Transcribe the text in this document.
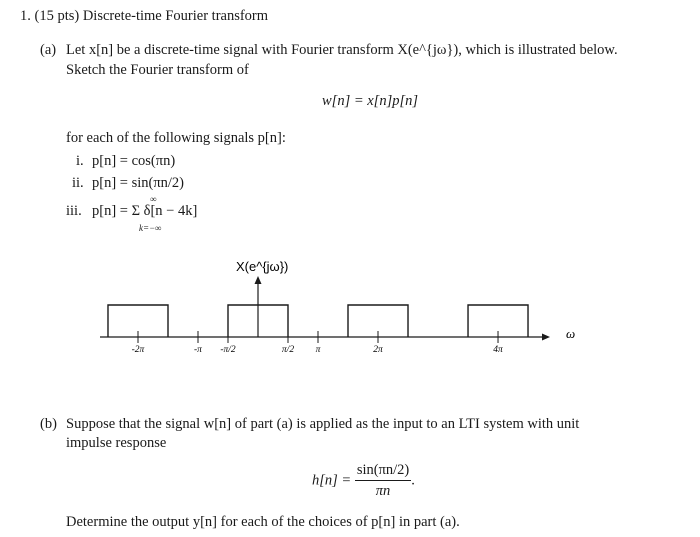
1. (15 pts) Discrete-time Fourier transform
(a) Let x[n] be a discrete-time signal with Fourier transform X(e^{jω}), which is illustrated below.
Sketch the Fourier transform of
w[n] = x[n]p[n]
for each of the following signals p[n]:
i. p[n] = cos(πn)
ii. p[n] = sin(πn/2)
iii. p[n] = Σ δ[n − 4k]
∞
k=−∞
X(e^{jω})
-2π	-π -π/2	π/2 π	2π	4π
ω
(b) Suppose that the signal w[n] of part (a) is applied as the input to an LTI system with unit
impulse response
$h[n] = \frac{\sin(\pi n/2)}{\pi n}$ .
Determine the output y[n] for each of the choices of p[n] in part (a).
